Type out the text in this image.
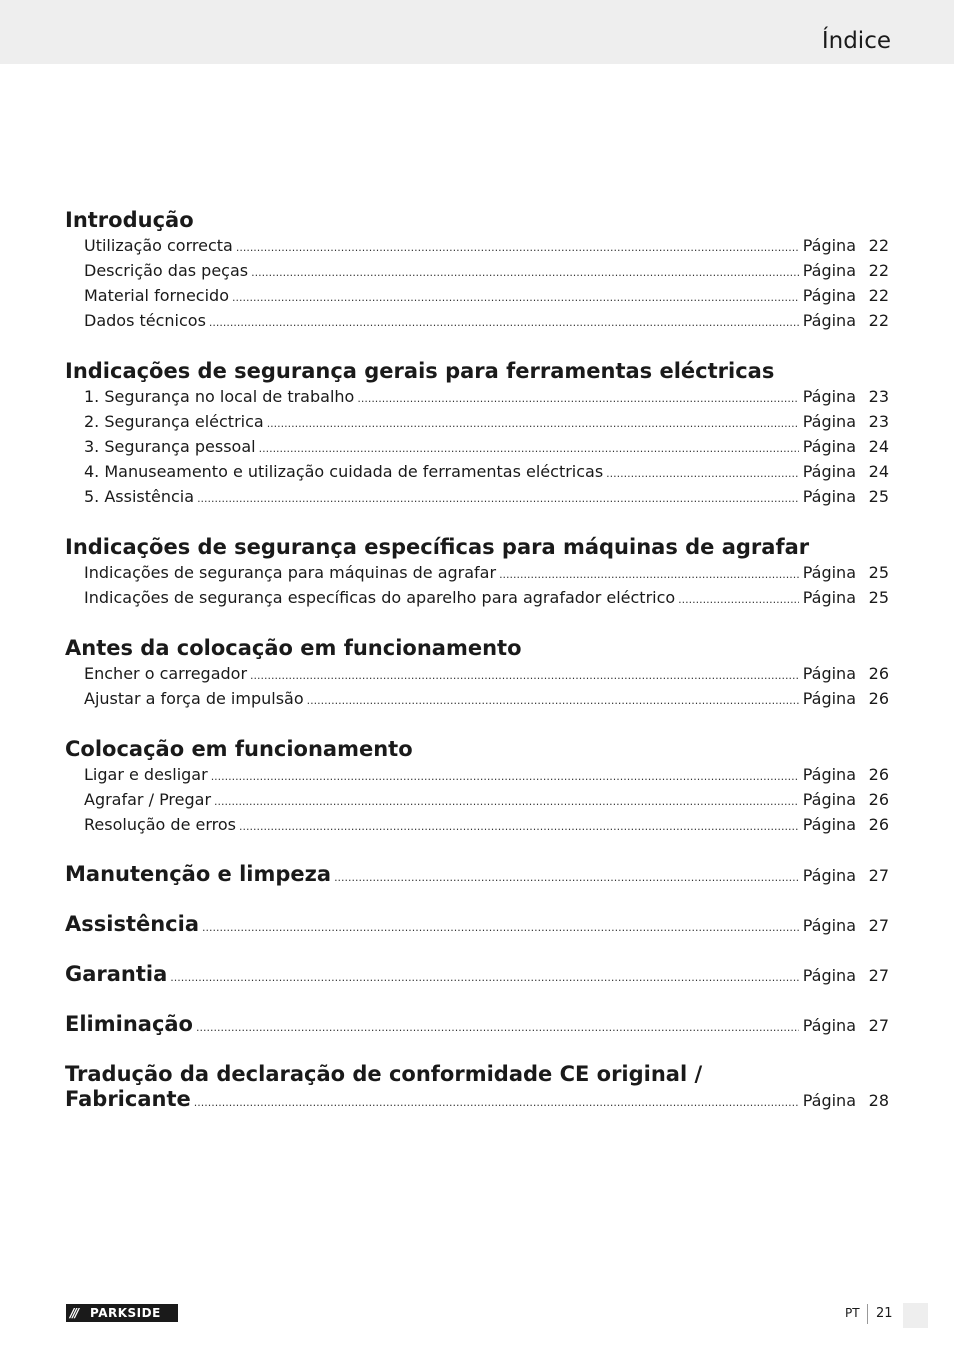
Índice
Introdução
Utilização correcta .....	Página 22
Descrição das peças .....	Página 22
Material fornecido .....	Página 22
Dados técnicos .....	Página 22
Indicações de segurança gerais para ferramentas eléctricas
1. Segurança no local de trabalho .....	Página 23
2. Segurança eléctrica .....	Página 23
3. Segurança pessoal .....	Página 24
4. Manuseamento e utilização cuidada de ferramentas eléctricas .....	Página 24
5. Assistência .....	Página 25
Indicações de segurança específicas para máquinas de agrafar
Indicações de segurança para máquinas de agrafar .....	Página 25
Indicações de segurança específicas do aparelho para agrafador eléctrico .....	Página 25
Antes da colocação em funcionamento
Encher o carregador .....	Página 26
Ajustar a força de impulsão .....	Página 26
Colocação em funcionamento
Ligar e desligar .....	Página 26
Agrafar / Pregar .....	Página 26
Resolução de erros .....	Página 26
Manutenção e limpeza .....	Página 27
Assistência .....	Página 27
Garantia .....	Página 27
Eliminação .....	Página 27
Tradução da declaração de conformidade CE original /
Fabricante .....	Página 28
///	PARKSIDE	PT 21
